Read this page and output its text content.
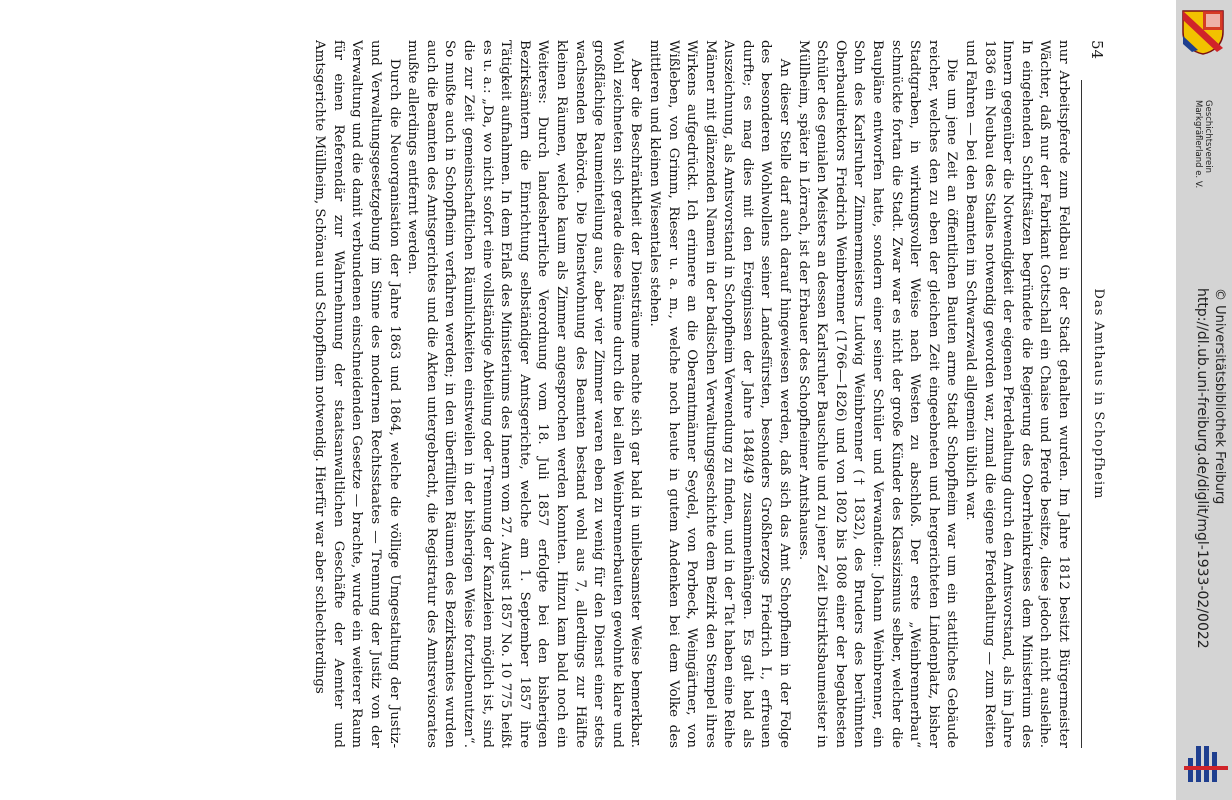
54
Das Amthaus in Schopfheim

nur Arbeitspferde zum Feldbau in der Stadt gehalten wurden. Im Jahre 1812 besitzt Bürgermeister Wächter, daß nur der Fabrikant Gottschall ein Chaise und Pferde besitze, diese jedoch nicht ausleihe. In eingehenden Schriftsätzen begründete die Regierung des Oberrheinkreises dem Ministerium des Innern gegenüber die Notwendigkeit der eigenen Pferdehaltung durch den Amtsvorstand, als im Jahre 1836 ein Neubau des Stalles notwendig geworden war, zumal die eigene Pferdehaltung — zum Reiten und Fahren — bei den Beamten im Schwarzwald allgemein üblich war.

Die um jene Zeit an öffentlichen Bauten arme Stadt Schopfheim war um ein stattliches Gebäude reicher, welches den zu eben der gleichen Zeit eingeebneten und hergerichteten Lindenplatz, bisher Stadtgraben, in wirkungsvoller Weise nach Westen zu abschloß. Der erste „Weinbrennerbau“ schmückte fortan die Stadt. Zwar war es nicht der große Künder des Klassizismus selber, welcher die Baupläne entworfen hatte, sondern einer seiner Schüler und Verwandten: Johann Weinbrenner, ein Sohn des Karlsruher Zimmermeisters Ludwig Weinbrenner († 1832), des Bruders des berühmten Oberbaudirektors Friedrich Weinbrenner (1766—1826) und von 1802 bis 1808 einer der begabtesten Schüler des genialen Meisters an dessen Karlsruher Bauschule und zu jener Zeit Distriktsbaumeister in Müllheim, später in Lörrach, ist der Erbauer des Schopfheimer Amtshauses.

An dieser Stelle darf auch darauf hingewiesen werden, daß sich das Amt Schopfheim in der Folge des besonderen Wohlwollens seiner Landesfürsten, besonders Großherzogs Friedrich I., erfreuen durfte; es mag dies mit den Ereignissen der Jahre 1848/49 zusammenhängen. Es galt bald als Auszeichnung, als Amtsvorstand in Schopfheim Verwendung zu finden, und in der Tat haben eine Reihe Männer mit glänzenden Namen in der badischen Verwaltungsgeschichte dem Bezirk den Stempel ihres Wirkens aufgedrückt. Ich erinnere an die Oberamtmänner Seydel, von Porbeck, Weingärtner, von Wißleben, von Grimm, Rieser u. a. m., welche noch heute in gutem Andenken bei dem Volke des mittleren und kleinen Wiesentales stehen.

Aber die Beschränktheit der Diensträume machte sich gar bald in unliebsamster Weise bemerkbar. Wohl zeichneten sich gerade diese Räume durch die bei allen Weinbrennerbauten gewohnte klare und großflächige Raumeinteilung aus, aber vier Zimmer waren eben zu wenig für den Dienst einer stets wachsenden Behörde. Die Dienstwohnung des Beamten bestand wohl aus 7, allerdings zur Hälfte kleinen Räumen, welche kaum als Zimmer angesprochen werden konnten. Hinzu kam bald noch ein Weiteres: Durch landesherrliche Verordnung vom 18. Juli 1857 erfolgte bei den bisherigen Bezirksämtern die Einrichtung selbständiger Amtsgerichte, welche am 1. September 1857 ihre Tätigkeit aufnahmen. In dem Erlaß des Ministeriums des Innern vom 27. August 1857 No. 10 775 heißt es u. a.: „Da, wo nicht sofort eine vollständige Abteilung oder Trennung der Kanzleien möglich ist, sind die zur Zeit gemeinschaftlichen Räumlichkeiten einstweilen in der bisherigen Weise fortzubenutzen“. So mußte auch in Schopfheim verfahren werden; in den überfüllten Räumen des Bezirksamtes wurden auch die Beamten des Amtsgerichtes und die Akten untergebracht, die Registratur des Amtsrevisorates mußte allerdings entfernt werden.

Durch die Neuorganisation der Jahre 1863 und 1864, welche die völlige Umgestaltung der Justiz- und Verwaltungsgesetzgebung im Sinne des modernen Rechtsstaates — Trennung der Justiz von der Verwaltung und die damit verbundenen einschneidenden Gesetze — brachte, wurde ein weiterer Raum für einen Referendär zur Wahrnehmung der staatsanwaltlichen Geschäfte der Aemter und Amtsgerichte Müllheim, Schönau und Schopfheim notwendig. Hierfür war aber schlechterdings	Geschichtsverein
Markgräflerland e. V.
http://dl.ub.uni-freiburg.de/diglit/mgl-1933-02/0022 © Universitätsbibliothek Freiburg
